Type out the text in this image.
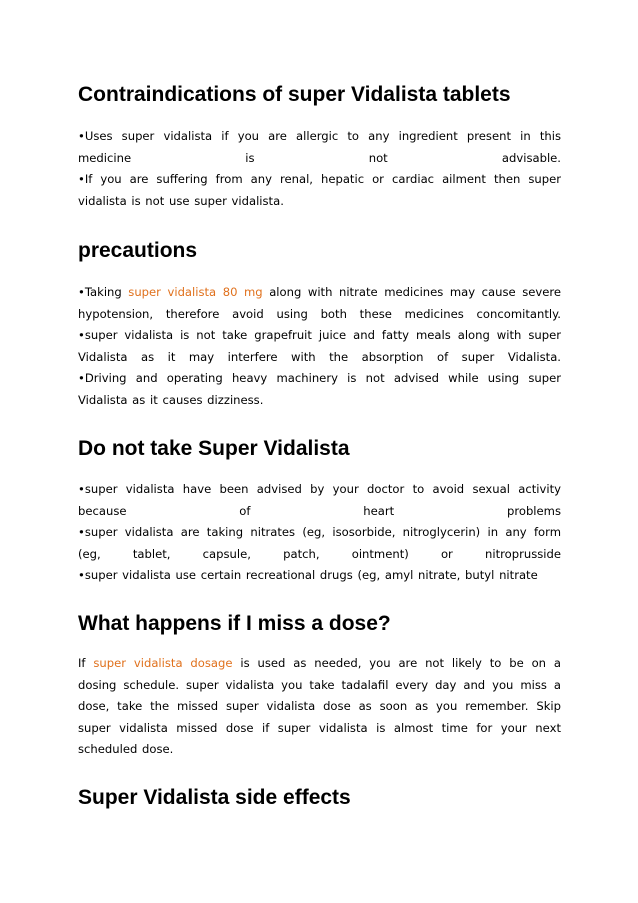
Contraindications of super Vidalista tablets
•Uses super vidalista if you are allergic to any ingredient present in this
medicine is not advisable.
•If you are suffering from any renal, hepatic or cardiac ailment then super
vidalista is not use super vidalista.
precautions
•Taking super vidalista 80 mg along with nitrate medicines may cause severe
hypotension, therefore avoid using both these medicines concomitantly.
•super vidalista is not take grapefruit juice and fatty meals along with super
Vidalista as it may interfere with the absorption of super Vidalista.
•Driving and operating heavy machinery is not advised while using super
Vidalista as it causes dizziness.
Do not take Super Vidalista
•super vidalista have been advised by your doctor to avoid sexual activity
because of heart problems
•super vidalista are taking nitrates (eg, isosorbide, nitroglycerin) in any form
(eg, tablet, capsule, patch, ointment) or nitroprusside
•super vidalista use certain recreational drugs (eg, amyl nitrate, butyl nitrate
What happens if I miss a dose?
If super vidalista dosage is used as needed, you are not likely to be on a
dosing schedule. super vidalista you take tadalafil every day and you miss a
dose, take the missed super vidalista dose as soon as you remember. Skip
super vidalista missed dose if super vidalista is almost time for your next
scheduled dose.
Super Vidalista side effects
